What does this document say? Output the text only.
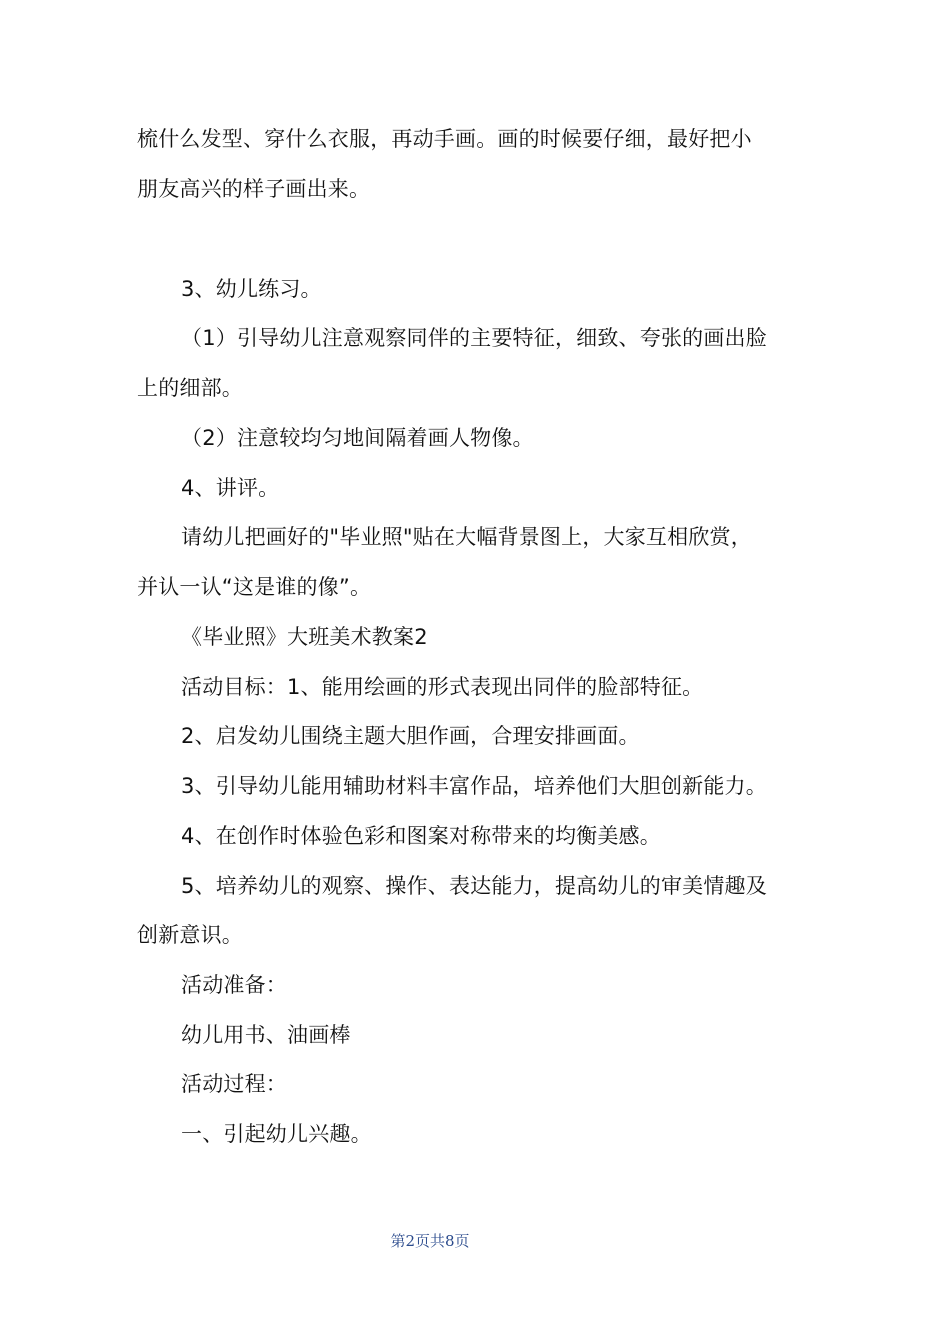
梳什么发型、穿什么衣服，再动手画。画的时候要仔细，最好把小
朋友高兴的样子画出来。
3、幼儿练习。
（1）引导幼儿注意观察同伴的主要特征，细致、夸张的画出脸
上的细部。
（2）注意较均匀地间隔着画人物像。
4、讲评。
请幼儿把画好的"毕业照"贴在大幅背景图上，大家互相欣赏，
并认一认“这是谁的像”。
《毕业照》大班美术教案2
活动目标：1、能用绘画的形式表现出同伴的脸部特征。
2、启发幼儿围绕主题大胆作画，合理安排画面。
3、引导幼儿能用辅助材料丰富作品，培养他们大胆创新能力。
4、在创作时体验色彩和图案对称带来的均衡美感。
5、培养幼儿的观察、操作、表达能力，提高幼儿的审美情趣及
创新意识。
活动准备：
幼儿用书、油画棒
活动过程：
一、引起幼儿兴趣。
第2页共8页
